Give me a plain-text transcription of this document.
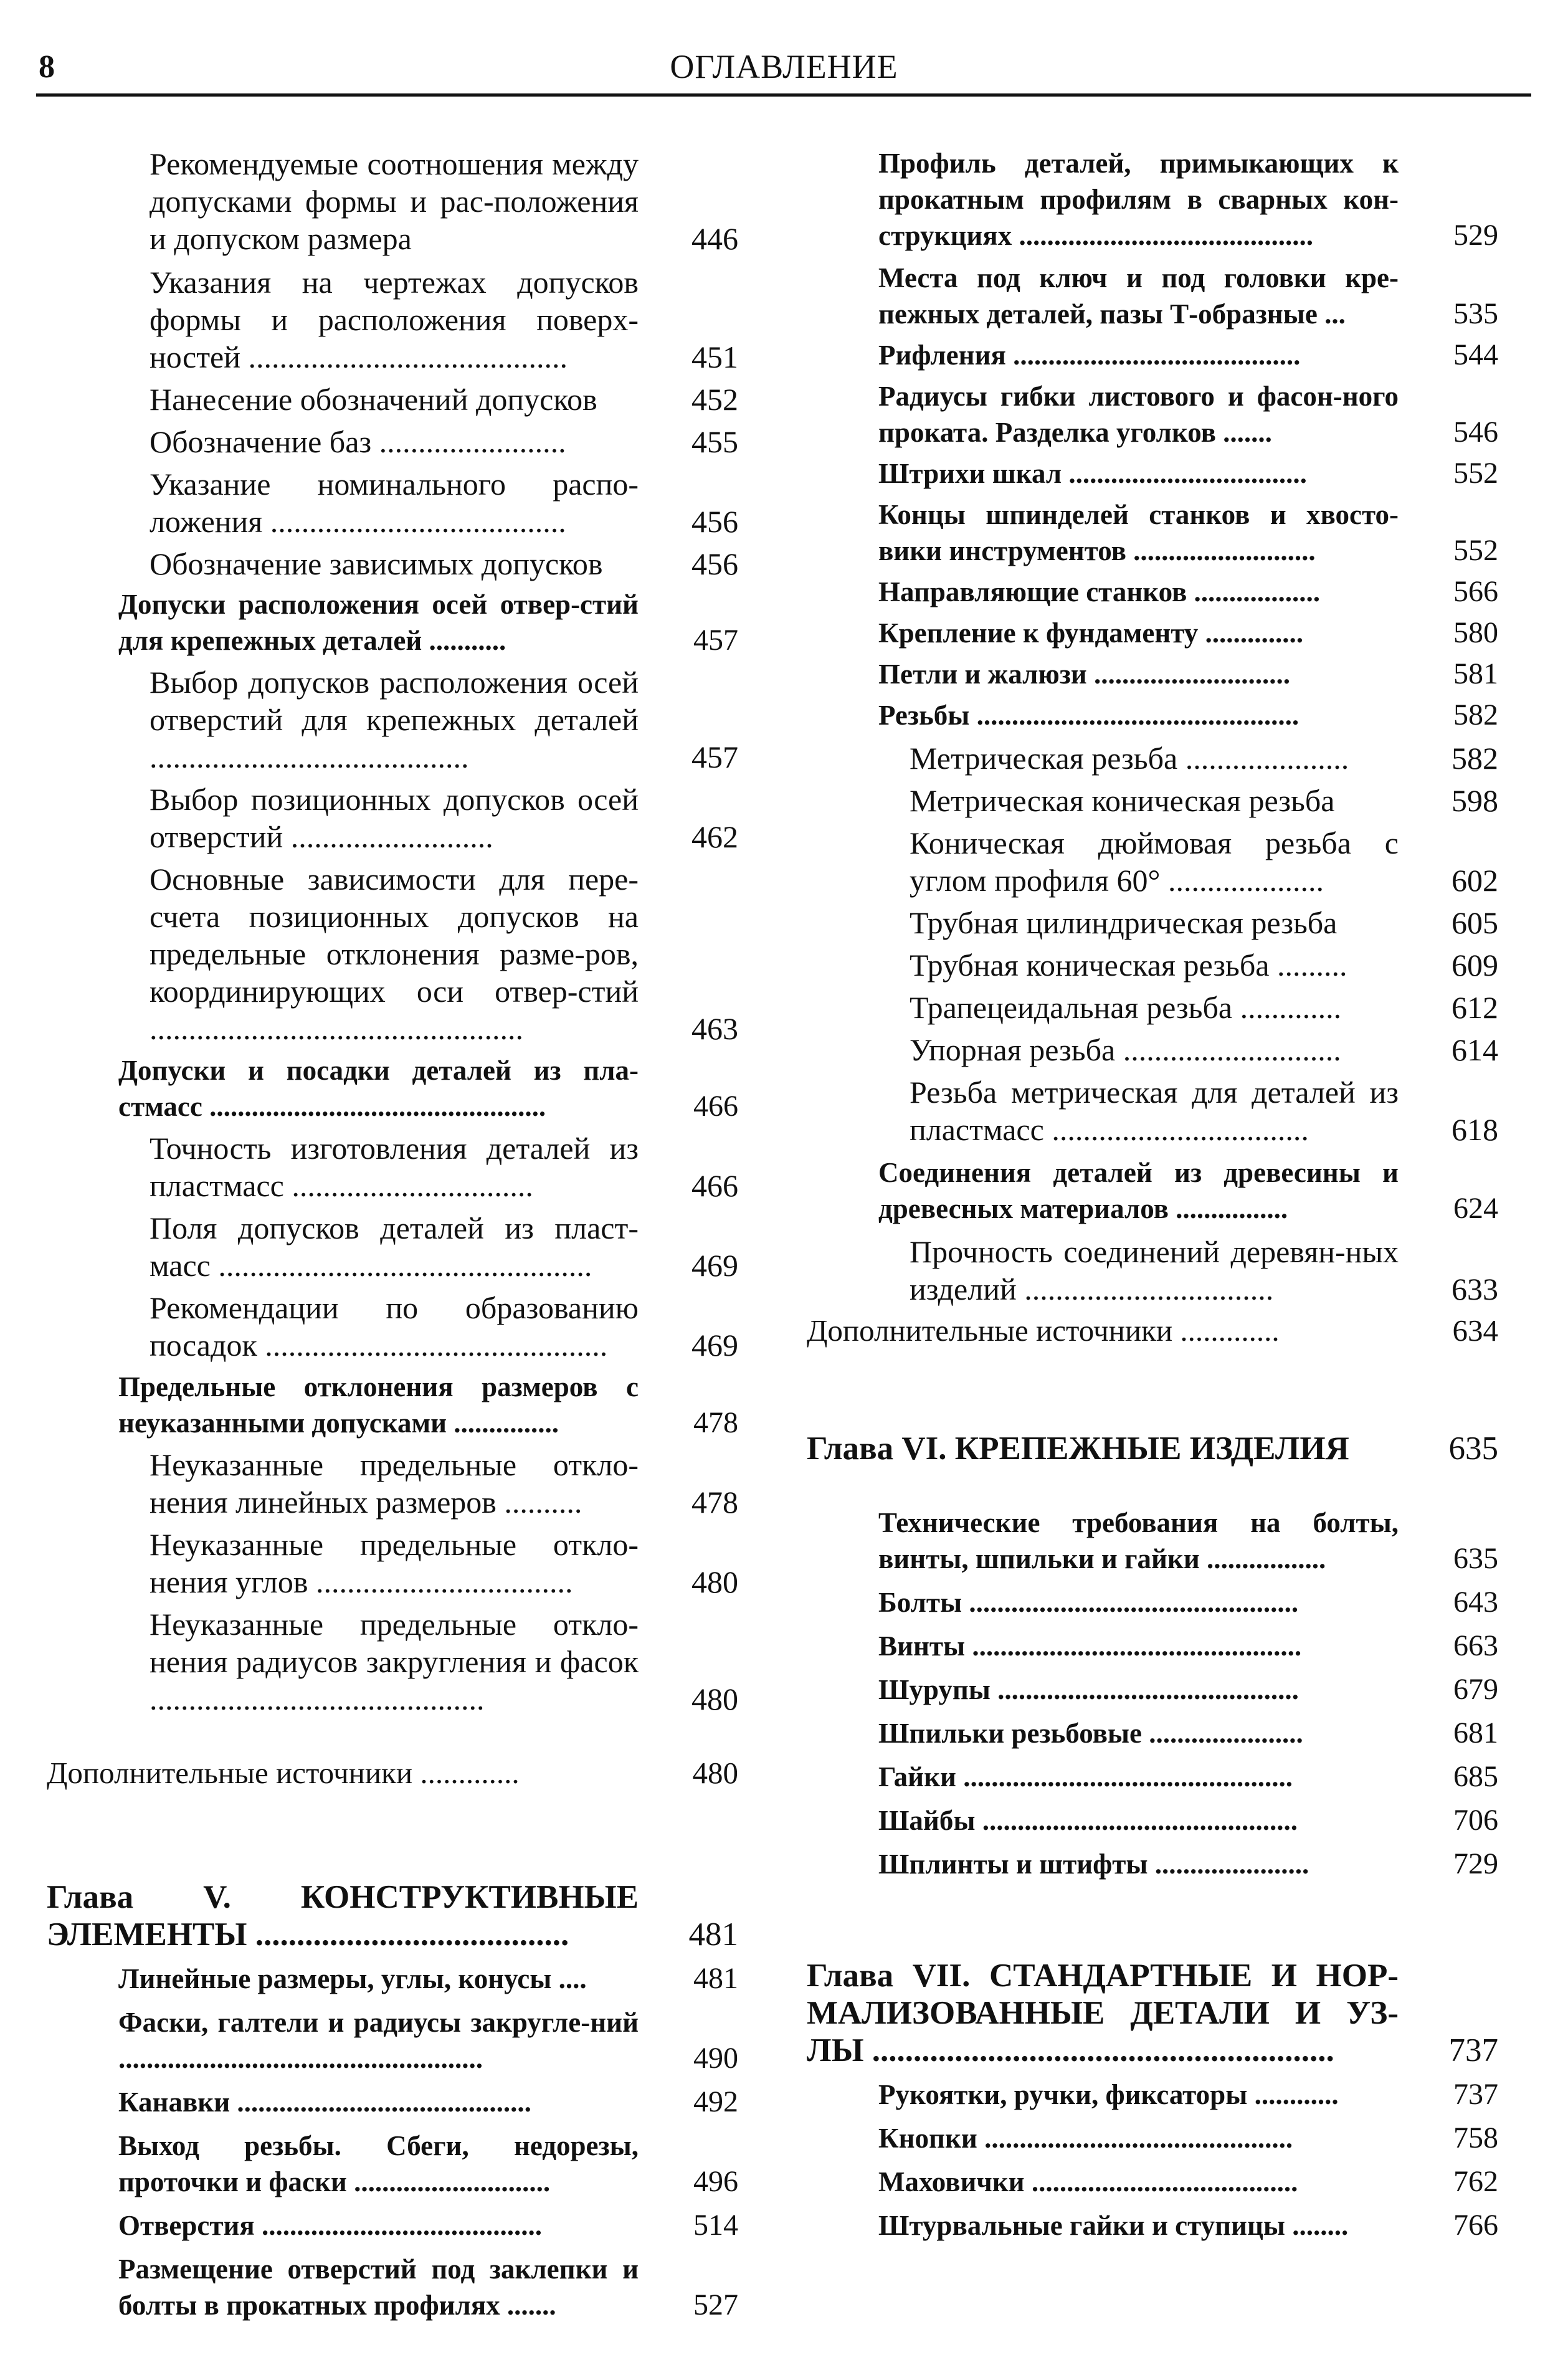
8	ОГЛАВЛЕНИЕ
Рекомендуемые соотношения между допусками формы и рас-положения и допуском размера	446
Указания на чертежах допусков формы и расположения поверх-ностей .........................................	451
Нанесение обозначений допусков	452
Обозначение баз ........................	455
Указание номинального распо-ложения ......................................	456
Обозначение зависимых допусков	456
Допуски расположения осей отвер-стий для крепежных деталей ...........	457
Выбор допусков расположения осей отверстий для крепежных деталей .........................................	457
Выбор позиционных допусков осей отверстий ..........................	462
Основные зависимости для пере-счета позиционных допусков на предельные отклонения разме-ров, координирующих оси отвер-стий ................................................	463
Допуски и посадки деталей из пла-стмасс ................................................	466
Точность изготовления деталей из пластмасс ...............................	466
Поля допусков деталей из пласт-масс ................................................	469
Рекомендации по образованию посадок ............................................	469
Предельные отклонения размеров с неуказанными допусками ...............	478
Неуказанные предельные откло-нения линейных размеров ..........	478
Неуказанные предельные откло-нения углов .................................	480
Неуказанные предельные откло-нения радиусов закругления и фасок ...........................................	480
Дополнительные источники .............	480
Глава V. КОНСТРУКТИВНЫЕ ЭЛЕМЕНТЫ ......................................	481
Линейные размеры, углы, конусы ....	481
Фаски, галтели и радиусы закругле-ний ....................................................	490
Канавки ..........................................	492
Выход резьбы. Сбеги, недорезы, проточки и фаски ............................	496
Отверстия ........................................	514
Размещение отверстий под заклепки и болты в прокатных профилях .......	527
Профиль деталей, примыкающих к прокатным профилям в сварных кон-струкциях ..........................................	529
Места под ключ и под головки кре-пежных деталей, пазы Т-образные ...	535
Рифления .........................................	544
Радиусы гибки листового и фасон-ного проката. Разделка уголков .......	546
Штрихи шкал ..................................	552
Концы шпинделей станков и хвосто-вики инструментов ..........................	552
Направляющие станков ..................	566
Крепление к фундаменту ..............	580
Петли и жалюзи ............................	581
Резьбы ..............................................	582
Метрическая резьба .....................	582
Метрическая коническая резьба	598
Коническая дюймовая резьба с углом профиля 60° ....................	602
Трубная цилиндрическая резьба	605
Трубная коническая резьба .........	609
Трапецеидальная резьба .............	612
Упорная резьба ............................	614
Резьба метрическая для деталей из пластмасс .................................	618
Соединения деталей из древесины и древесных материалов ................	624
Прочность соединений деревян-ных изделий ................................	633
Дополнительные источники .............	634
Глава VI. КРЕПЕЖНЫЕ ИЗДЕЛИЯ	635
Технические требования на болты, винты, шпильки и гайки .................	635
Болты ...............................................	643
Винты ...............................................	663
Шурупы ...........................................	679
Шпильки резьбовые ......................	681
Гайки ...............................................	685
Шайбы .............................................	706
Шплинты и штифты ......................	729
Глава VII. СТАНДАРТНЫЕ И НОР-МАЛИЗОВАННЫЕ ДЕТАЛИ И УЗ-ЛЫ ........................................................	737
Рукоятки, ручки, фиксаторы ............	737
Кнопки ............................................	758
Маховички ......................................	762
Штурвальные гайки и ступицы ........	766
